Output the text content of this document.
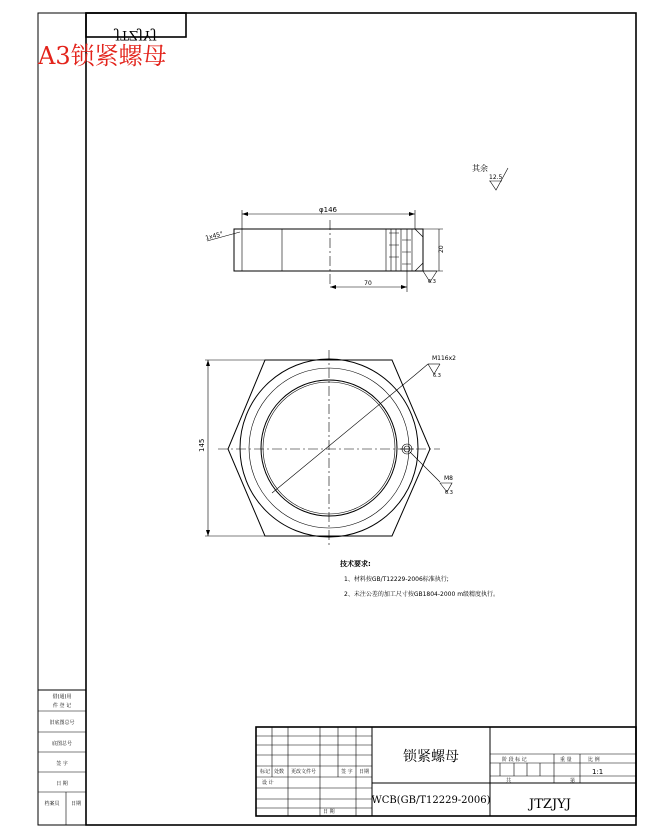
JTZJYJ
A3锁紧螺母
其余
12.5
φ146
70
20
1x45°
6.3
M116x2
6.3
M8
6.3
145
技术要求:
1、材料按GB/T12229-2006标准执行;
2、未注公差的加工尺寸按GB1804-2000 m级精度执行。
借(通)用
件 登 记
旧底图总号
底图总号
签 字
日 期
档案员 日期
标记 处数 更改文件号	签 字 日期
设 计
日 期
锁紧螺母
WCB(GB/T12229-2006)	JTZJYJ
阶 段 标 记	重 量	比 例
1:1
共	第
